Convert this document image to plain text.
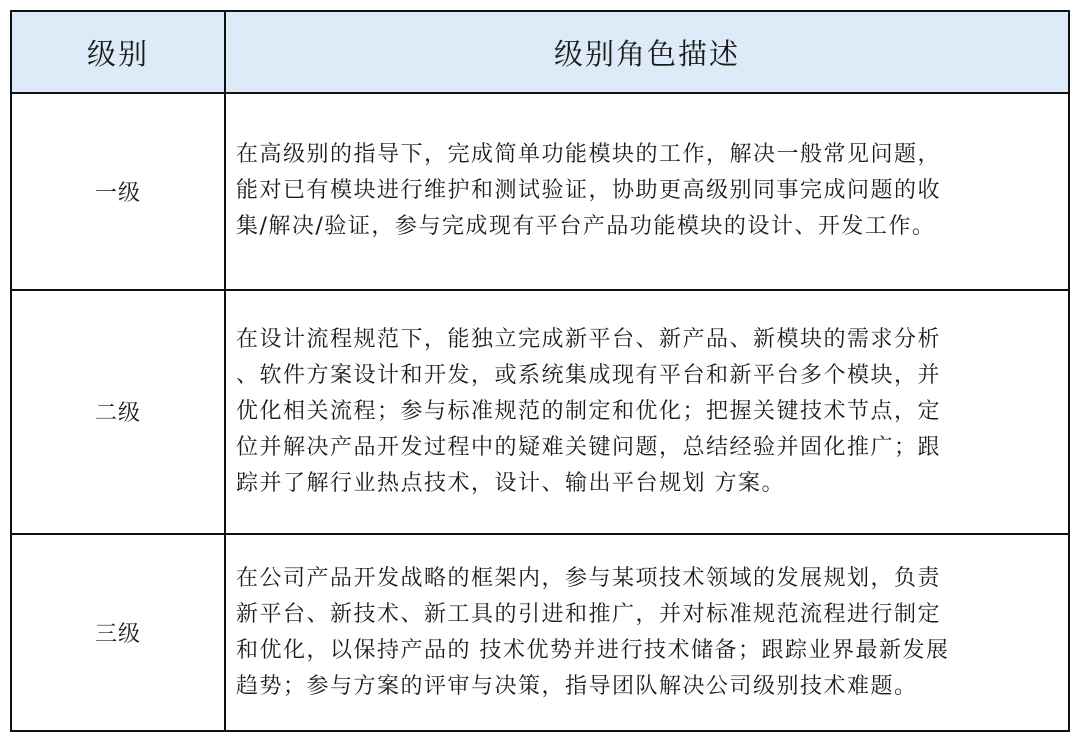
级别	级别角色描述
一级	在高级别的指导下，完成简单功能模块的工作，解决一般常见问题，
能对已有模块进行维护和测试验证，协助更高级别同事完成问题的收
集/解决/验证，参与完成现有平台产品功能模块的设计、开发工作。

二级	在设计流程规范下，能独立完成新平台、新产品、新模块的需求分析
、软件方案设计和开发，或系统集成现有平台和新平台多个模块，并
优化相关流程；参与标准规范的制定和优化；把握关键技术节点，定
位并解决产品开发过程中的疑难关键问题，总结经验并固化推广；跟
踪并了解行业热点技术，设计、输出平台规划 方案。

三级	在公司产品开发战略的框架内，参与某项技术领域的发展规划，负责
新平台、新技术、新工具的引进和推广，并对标准规范流程进行制定
和优化，以保持产品的 技术优势并进行技术储备；跟踪业界最新发展
趋势；参与方案的评审与决策，指导团队解决公司级别技术难题。
